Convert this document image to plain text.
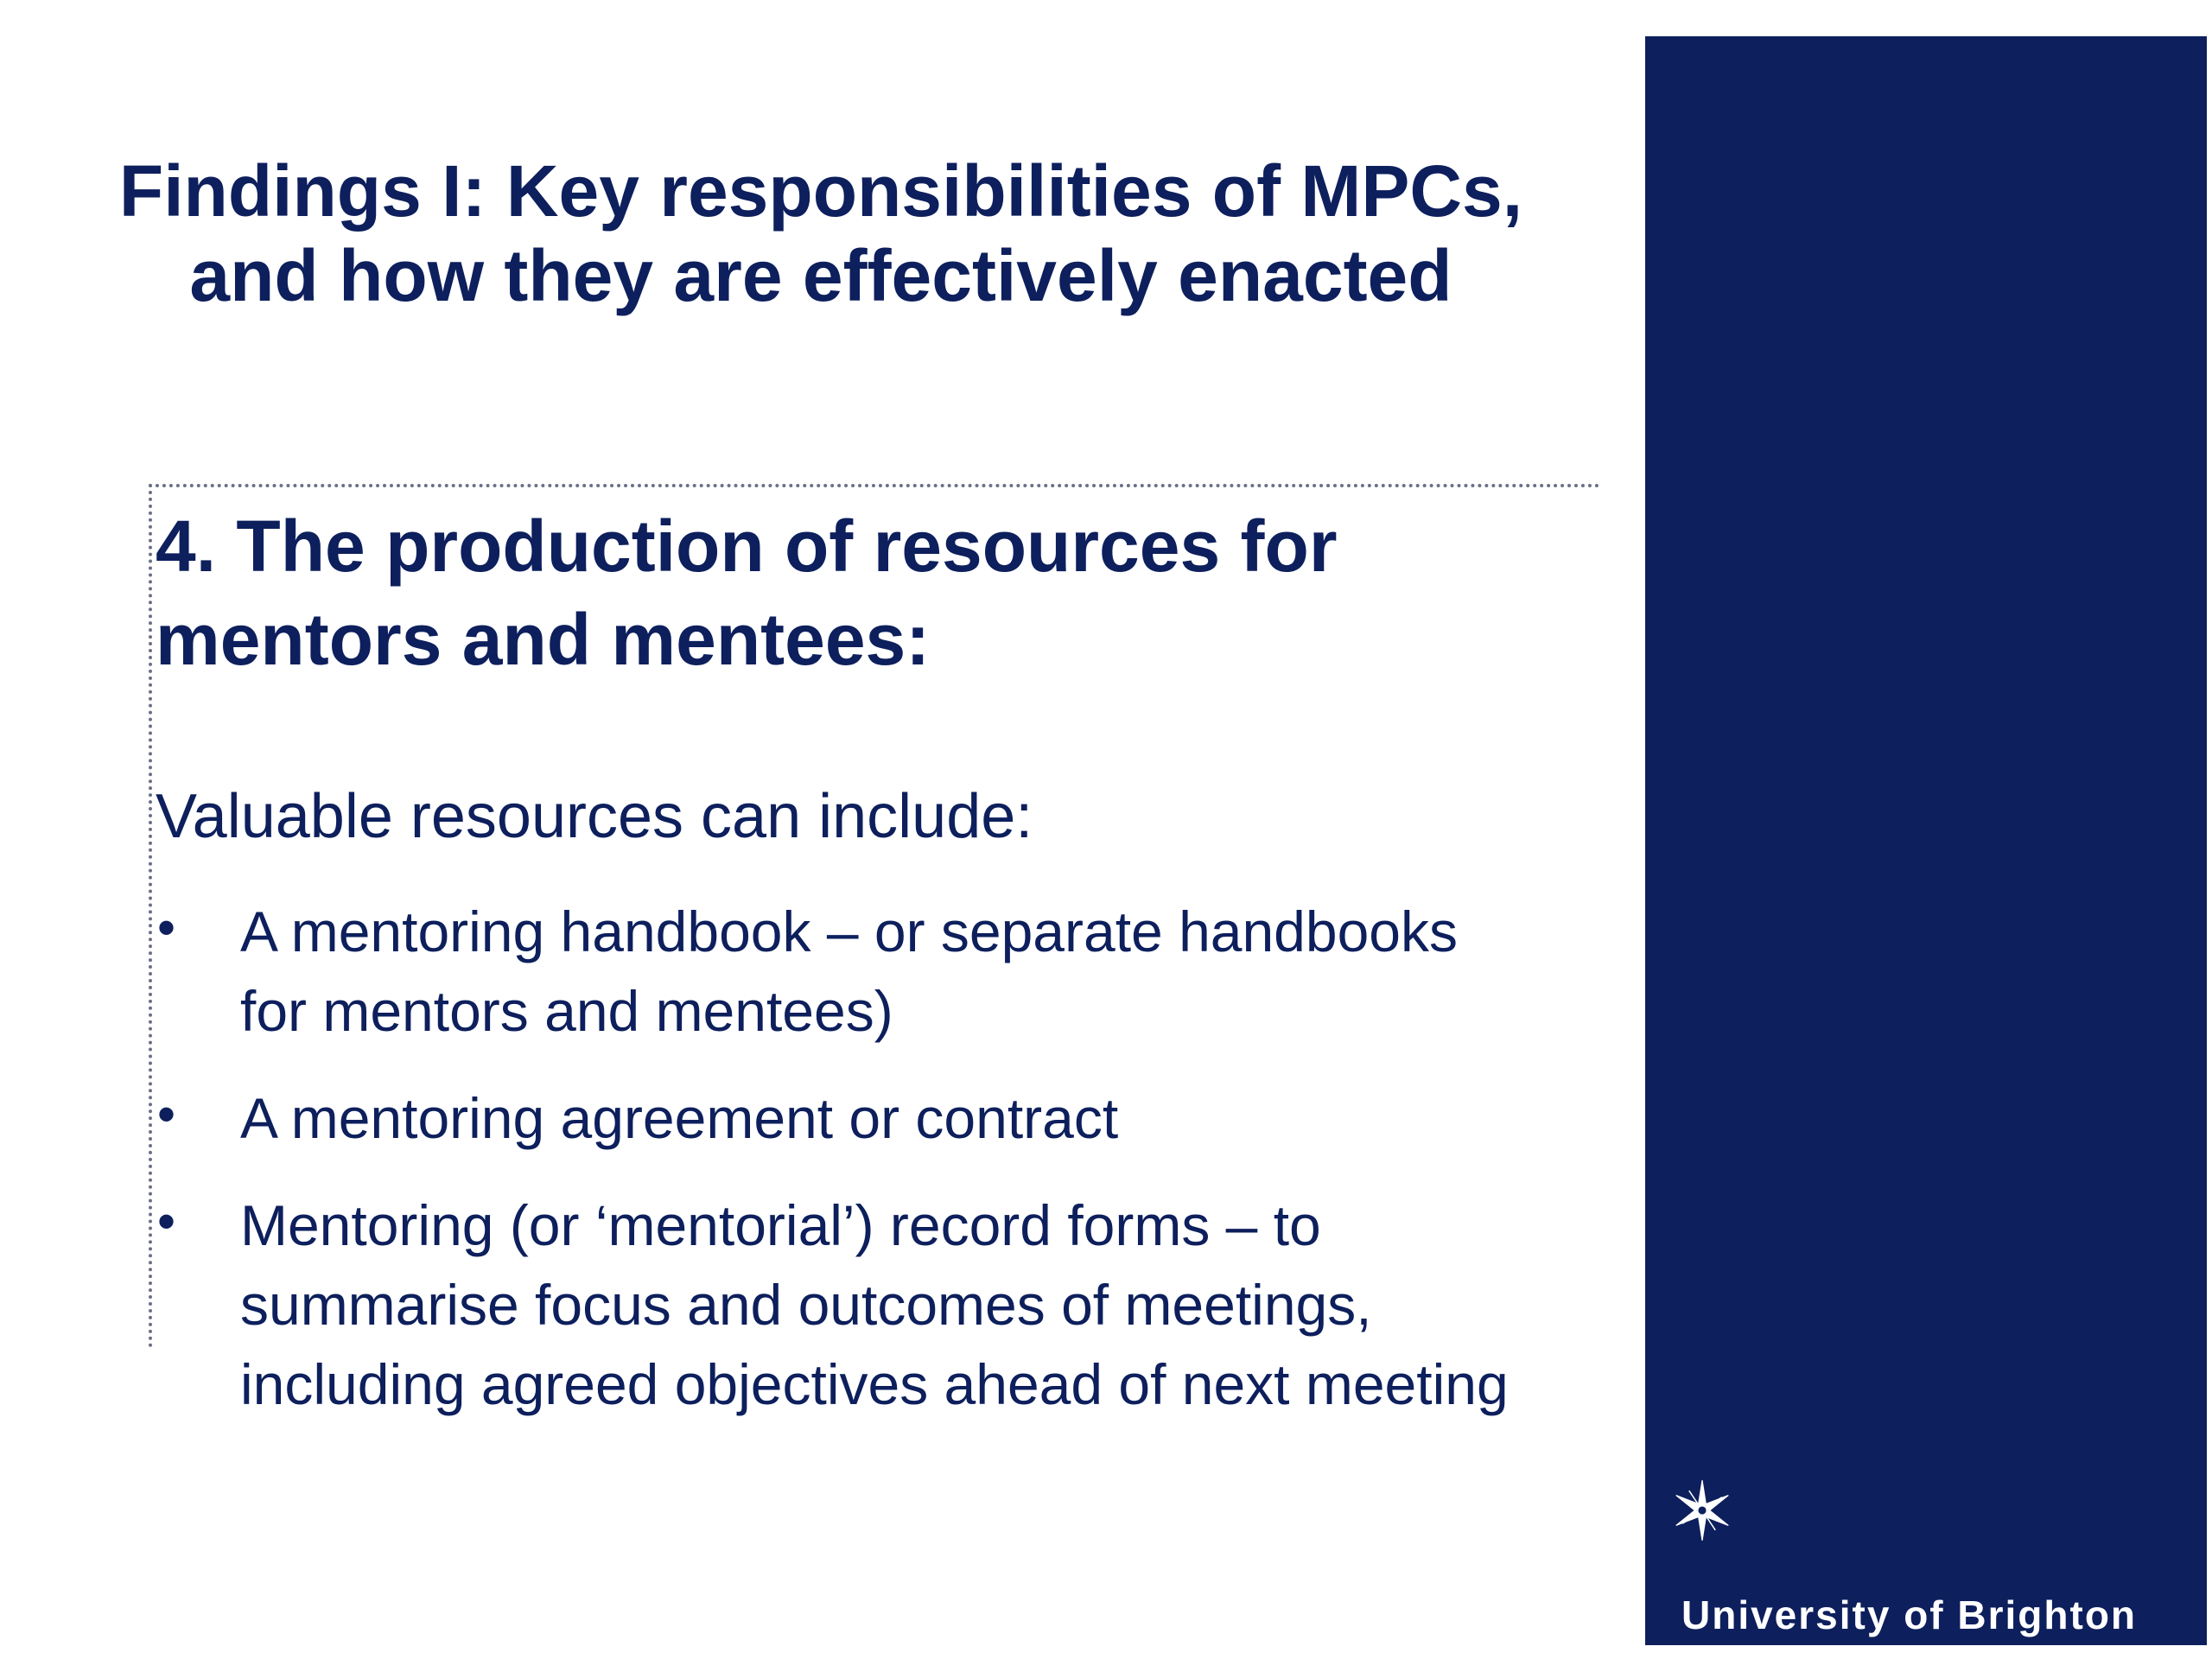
Findings I: Key responsibilities of MPCs,
and how they are effectively enacted
4. The production of resources for
mentors and mentees:

Valuable resources can include:

• A mentoring handbook – or separate handbooks
for mentors and mentees)
• A mentoring agreement or contract
• Mentoring (or ‘mentorial’) record forms – to
summarise focus and outcomes of meetings,
including agreed objectives ahead of next meeting
University of Brighton
